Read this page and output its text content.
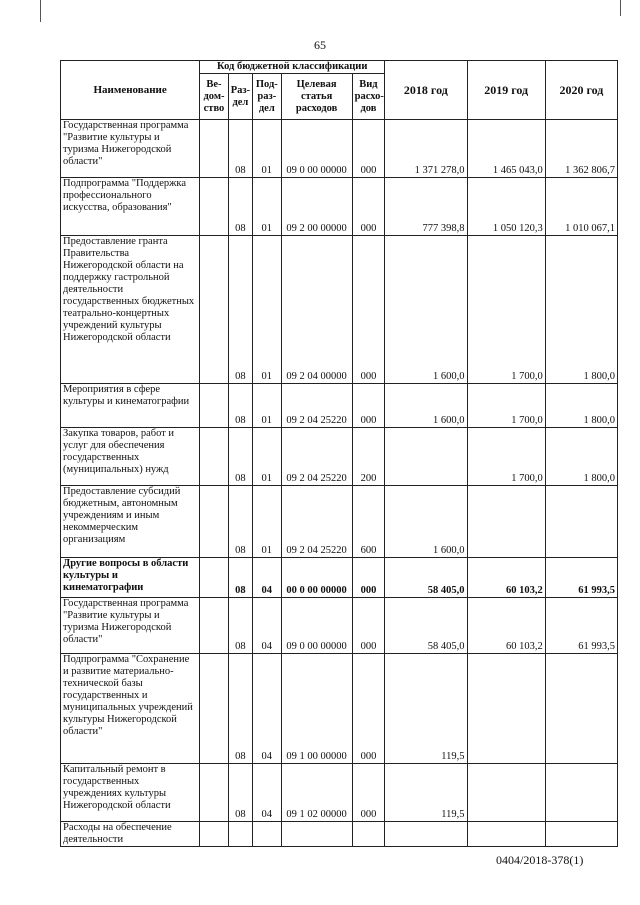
65
Наименование	Код бюджетной классификации					2018 год	2019 год	2020 год
	Ве-дом-ство	Раз-дел	Под-раз-дел	Целевая статья расходов	Вид расхо-дов			
Государственная программа "Развитие культуры и туризма Нижегородской области"		08	01	09 0 00 00000	000	1 371 278,0	1 465 043,0	1 362 806,7
Подпрограмма "Поддержка профессионального искусства, образования"		08	01	09 2 00 00000	000	777 398,8	1 050 120,3	1 010 067,1
Предоставление гранта Правительства Нижегородской области на поддержку гастрольной деятельности государственных бюджетных театрально-концертных учреждений культуры Нижегородской области		08	01	09 2 04 00000	000	1 600,0	1 700,0	1 800,0
Мероприятия в сфере культуры и кинематографии		08	01	09 2 04 25220	000	1 600,0	1 700,0	1 800,0
Закупка товаров, работ и услуг для обеспечения государственных (муниципальных) нужд		08	01	09 2 04 25220	200		1 700,0	1 800,0
Предоставление субсидий бюджетным, автономным учреждениям и иным некоммерческим организациям		08	01	09 2 04 25220	600	1 600,0		
Другие вопросы в области культуры и кинематографии		08	04	00 0 00 00000	000	58 405,0	60 103,2	61 993,5
Государственная программа "Развитие культуры и туризма Нижегородской области"		08	04	09 0 00 00000	000	58 405,0	60 103,2	61 993,5
Подпрограмма "Сохранение и развитие материально-технической базы государственных и муниципальных учреждений культуры Нижегородской области"		08	04	09 1 00 00000	000	119,5		
Капитальный ремонт в государственных учреждениях культуры Нижегородской области		08	04	09 1 02 00000	000	119,5		
Расходы на обеспечение деятельности								
0404/2018-378(1)
